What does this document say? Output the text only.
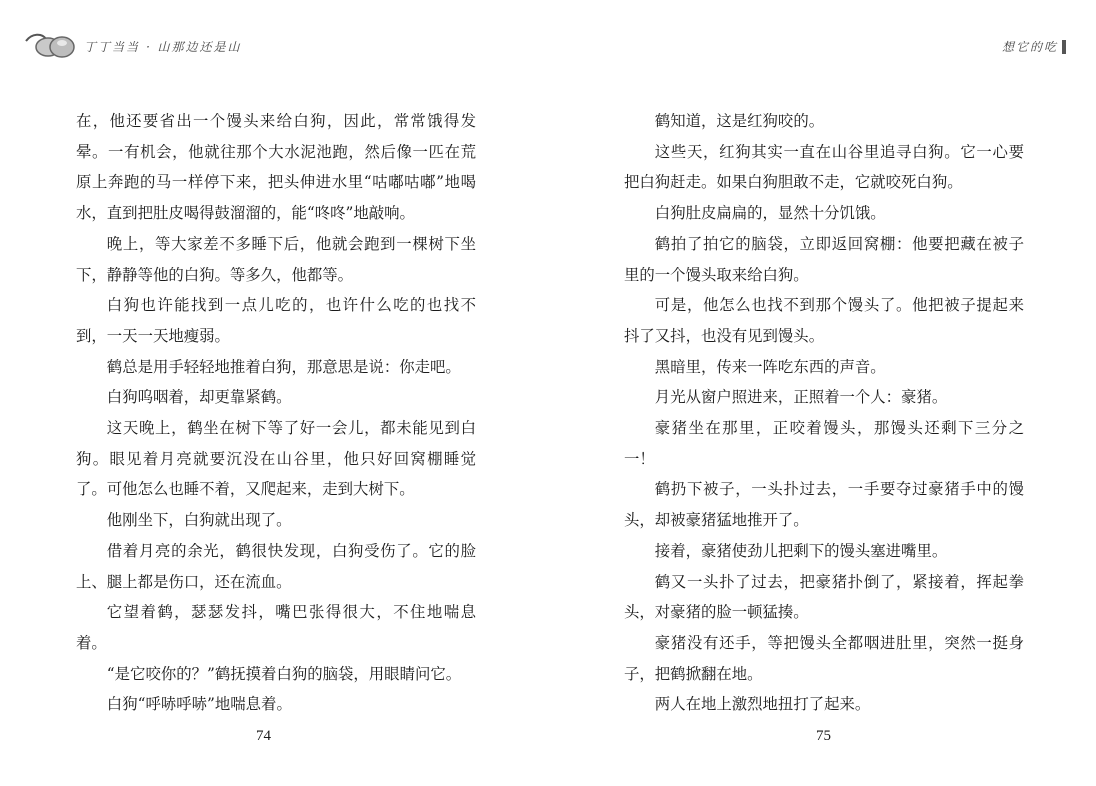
丁丁当当 · 山那边还是山	想它的吃

在，他还要省出一个馒头来给白狗，因此，常常饿得发晕。一有机会，他就往那个大水泥池跑，然后像一匹在荒原上奔跑的马一样停下来，把头伸进水里“咕嘟咕嘟”地喝水，直到把肚皮喝得鼓溜溜的，能“咚咚”地敲响。

晚上，等大家差不多睡下后，他就会跑到一棵树下坐下，静静等他的白狗。等多久，他都等。

白狗也许能找到一点儿吃的，也许什么吃的也找不到，一天一天地瘦弱。

鹤总是用手轻轻地推着白狗，那意思是说：你走吧。

白狗呜咽着，却更靠紧鹤。

这天晚上，鹤坐在树下等了好一会儿，都未能见到白狗。眼见着月亮就要沉没在山谷里，他只好回窝棚睡觉了。可他怎么也睡不着，又爬起来，走到大树下。

他刚坐下，白狗就出现了。

借着月亮的余光，鹤很快发现，白狗受伤了。它的脸上、腿上都是伤口，还在流血。

它望着鹤，瑟瑟发抖，嘴巴张得很大，不住地喘息着。

“是它咬你的？”鹤抚摸着白狗的脑袋，用眼睛问它。

白狗“呼哧呼哧”地喘息着。

鹤知道，这是红狗咬的。

这些天，红狗其实一直在山谷里追寻白狗。它一心要把白狗赶走。如果白狗胆敢不走，它就咬死白狗。

白狗肚皮扁扁的，显然十分饥饿。

鹤拍了拍它的脑袋，立即返回窝棚：他要把藏在被子里的一个馒头取来给白狗。

可是，他怎么也找不到那个馒头了。他把被子提起来抖了又抖，也没有见到馒头。

黑暗里，传来一阵吃东西的声音。

月光从窗户照进来，正照着一个人：豪猪。

豪猪坐在那里，正咬着馒头，那馒头还剩下三分之一！

鹤扔下被子，一头扑过去，一手要夺过豪猪手中的馒头，却被豪猪猛地推开了。

接着，豪猪使劲儿把剩下的馒头塞进嘴里。

鹤又一头扑了过去，把豪猪扑倒了，紧接着，挥起拳头，对豪猪的脸一顿猛揍。

豪猪没有还手，等把馒头全都咽进肚里，突然一挺身子，把鹤掀翻在地。

两人在地上激烈地扭打了起来。

74	75
